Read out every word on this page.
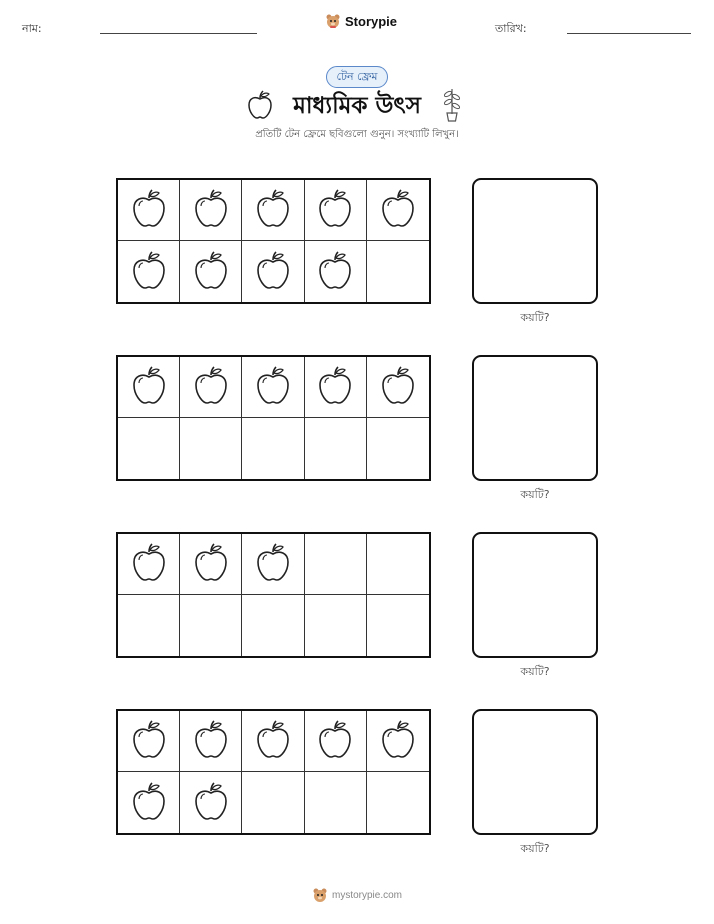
নাম:	Storypie	তারিখ:
টেন ফ্রেম
মাধ্যমিক উৎস
প্রতিটি টেন ফ্রেমে ছবিগুলো গুনুন। সংখ্যাটি লিখুন।
কয়টি?
কয়টি?
কয়টি?
কয়টি?
mystorypie.com
